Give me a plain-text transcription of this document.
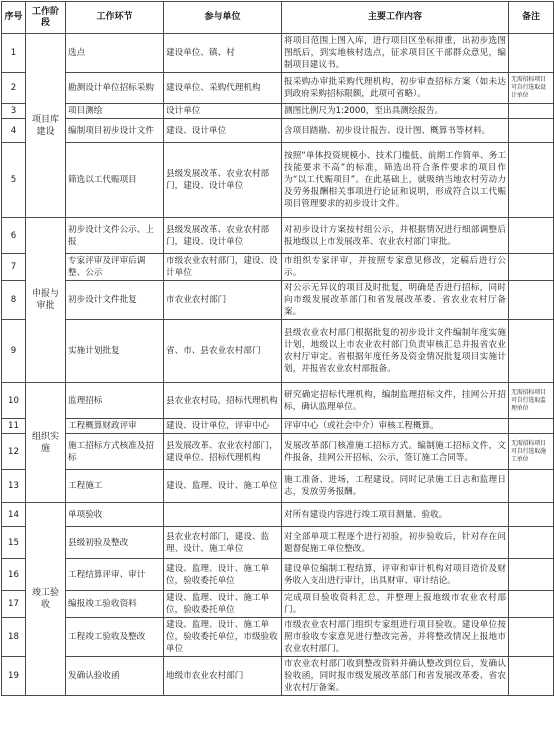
序号	工作阶段	工作环节	参与单位	主要工作内容	备注
1	项目库建设	选点	建设单位、镇、村	将项目范围上图入库，进行项目区坐标排重，出初步选图图纸后，到实地核村选点，征求项目区干部群众意见，编制项目建议书。	
2		勘测设计单位招标采购	建设单位、采购代理机构	报采购办审批采购代理机构，初步审查招标方案（如未达到政府采购招标限额，此项可省略）。	无需招标项目可自行选取设计单位
3		项目测绘	设计单位	测图比例尺为1:2000，至出具测绘报告。	
4		编制项目初步设计文件	建设、设计单位	含项目踏勘、初步设计报告、设计图、概算书等材料。	
5		筛选以工代赈项目	县级发展改革、农业农村部门，建设、设计单位	按照“单体投资规模小、技术门槛低、前期工作简单、务工技能要求不高”的标准，筛选出符合条件要求的项目作为“以工代赈项目”。在此基础上，就吸纳当地农村劳动力及劳务报酬相关事项进行论证和说明，形成符合以工代赈项目管理要求的初步设计文件。	
6	申报与审批	初步设计文件公示、上报	县级发展改革、农业农村部门，建设、设计单位	对初步设计方案按村组公示，并根据情况进行细部调整后报地级以上市发展改革、农业农村部门审批。	
7		专家评审及评审后调整、公示	市级农业农村部门，建设、设计单位	市组织专家评审，并按照专家意见修改，定稿后进行公示。	
8		初步设计文件批复	市农业农村部门	对公示无异议的项目及时批复，明确是否进行招标，同时向市级发展改革部门和省发展改革委、省农业农村厅备案。	
9		实施计划批复	省、市、县农业农村部门	县级农业农村部门根据批复的初步设计文件编制年度实施计划，地级以上市农业农村部门负责审核汇总并报省农业农村厅审定。省根据年度任务及资金情况批复项目实施计划，并报省农业农村部报备。	
10	组织实施	监理招标	县农业农村局，招标代理机构	研究确定招标代理机构，编制监理招标文件，挂网公开招标，确认监理单位。	无需招标项目可自行选取监理单位
11		工程概算财政评审	建设、设计单位，评审中心	评审中心（或社会中介）审核工程概算。	
12		施工招标方式核准及招标	县发展改革、农业农村部门，建设单位、招标代理机构	发展改革部门核准施工招标方式。编制施工招标文件，文件报备，挂网公开招标，公示，签订施工合同等。	无需招标项目可自行选取施工单位
13		工程施工	建设、监理、设计、施工单位	施工准备、进场，工程建设。同时记录施工日志和监理日志，发放劳务报酬。	
14	竣工验收	单项验收		对所有建设内容进行竣工项目测量、验收。	
15		县级初验及整改	县农业农村部门，建设、监理、设计、施工单位	对全部单项工程逐个进行初验，初步验收后，针对存在问题督促施工单位整改。	
16		工程结算评审、审计	建设、监理、设计、施工单位，验收委托单位	建设单位编制工程结算，评审和审计机构对项目造价及财务收入支出进行审计，出具财审、审计结论。	
17		编报竣工验收资料	建设、监理、设计、施工单位，验收委托单位	完成项目验收资料汇总，并整理上报地级市农业农村部门。	
18		工程竣工验收及整改	建设、监理、设计、施工单位，验收委托单位，市级验收单位	市级农业农村部门组织专家组进行项目验收。建设单位按照市验收专家意见进行整改完善，并将整改情况上报地市农业农村部门。	
19		发确认验收函	地级市农业农村部门	市农业农村部门收到整改资料并确认整改到位后，发确认验收函，同时报市级发展改革部门和省发展改革委、省农业农村厅备案。	
